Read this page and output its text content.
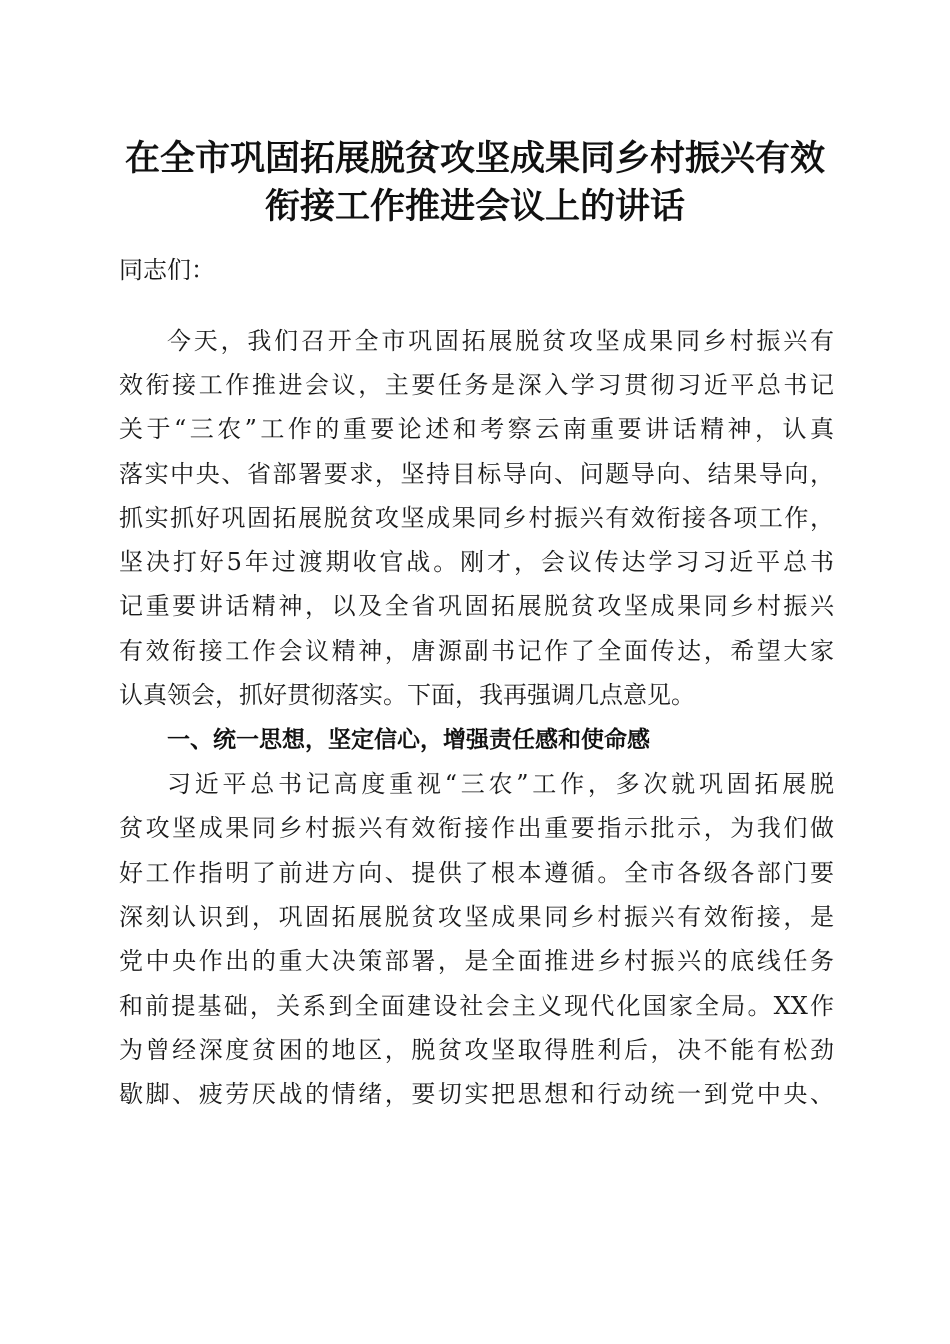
在全市巩固拓展脱贫攻坚成果同乡村振兴有效
衔接工作推进会议上的讲话
同志们：
今天，我们召开全市巩固拓展脱贫攻坚成果同乡村振兴有
效衔接工作推进会议，主要任务是深入学习贯彻习近平总书记
关于“三农”工作的重要论述和考察云南重要讲话精神，认真
落实中央、省部署要求，坚持目标导向、问题导向、结果导向，
抓实抓好巩固拓展脱贫攻坚成果同乡村振兴有效衔接各项工作，
坚决打好5年过渡期收官战。刚才，会议传达学习习近平总书
记重要讲话精神，以及全省巩固拓展脱贫攻坚成果同乡村振兴
有效衔接工作会议精神，唐源副书记作了全面传达，希望大家
认真领会，抓好贯彻落实。下面，我再强调几点意见。
一、统一思想，坚定信心，增强责任感和使命感
习近平总书记高度重视“三农”工作，多次就巩固拓展脱
贫攻坚成果同乡村振兴有效衔接作出重要指示批示，为我们做
好工作指明了前进方向、提供了根本遵循。全市各级各部门要
深刻认识到，巩固拓展脱贫攻坚成果同乡村振兴有效衔接，是
党中央作出的重大决策部署，是全面推进乡村振兴的底线任务
和前提基础，关系到全面建设社会主义现代化国家全局。XX作
为曾经深度贫困的地区，脱贫攻坚取得胜利后，决不能有松劲
歇脚、疲劳厌战的情绪，要切实把思想和行动统一到党中央、
